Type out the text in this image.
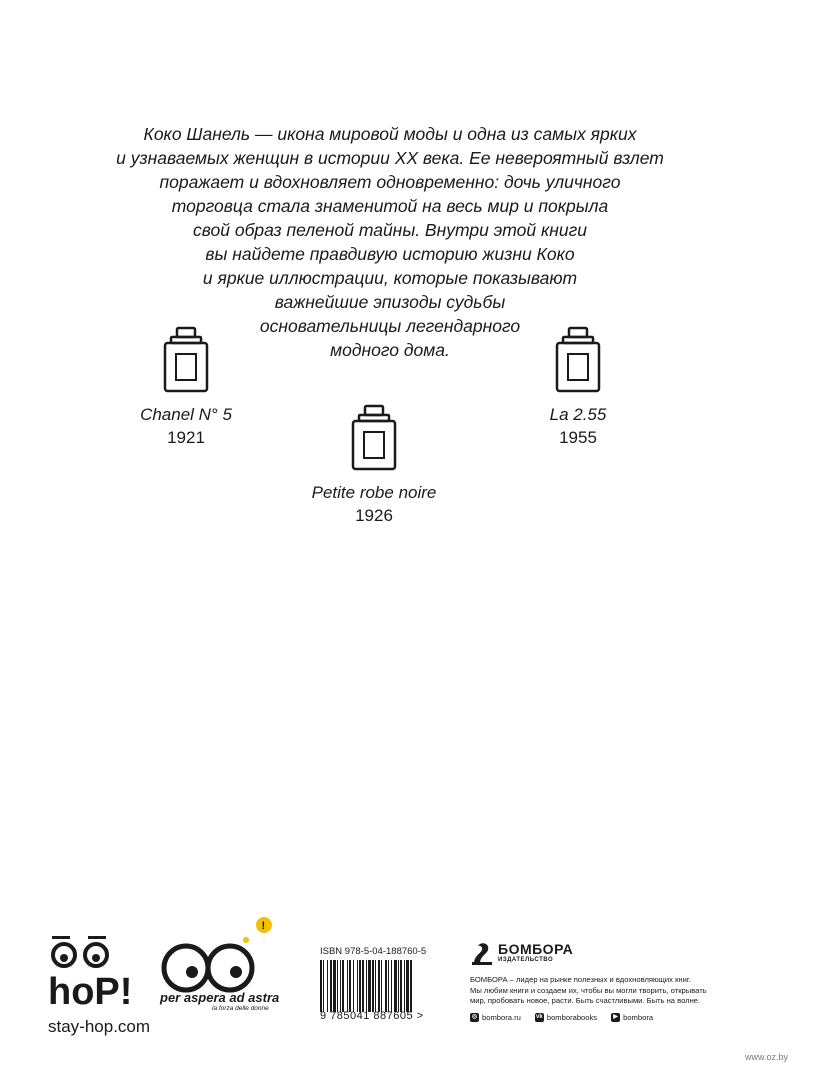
Коко Шанель — икона мировой моды и одна из самых ярких
и узнаваемых женщин в истории XX века. Ее невероятный взлет
поражает и вдохновляет одновременно: дочь уличного
торговца стала знаменитой на весь мир и покрыла
свой образ пеленой тайны. Внутри этой книги
вы найдете правдивую историю жизни Коко
и яркие иллюстрации, которые показывают
важнейшие эпизоды судьбы
основательницы легендарного
модного дома.
Chanel N° 5
1921
Petite robe noire
1926
La 2.55
1955
hoP!
stay-hop.com
!
per aspera ad astra
la forza delle donne
ISBN 978-5-04-188760-5
9 785041 887605 >
БОМБОРА
ИЗДАТЕЛЬСТВО
БОМБОРА – лидер на рынке полезных и вдохновляющих книг.
Мы любим книги и создаем их, чтобы вы могли творить, открывать
мир, пробовать новое, расти. Быть счастливыми. Быть на волне.
◎ bombora.ru	vk bomborabooks	▶ bombora
www.oz.by
